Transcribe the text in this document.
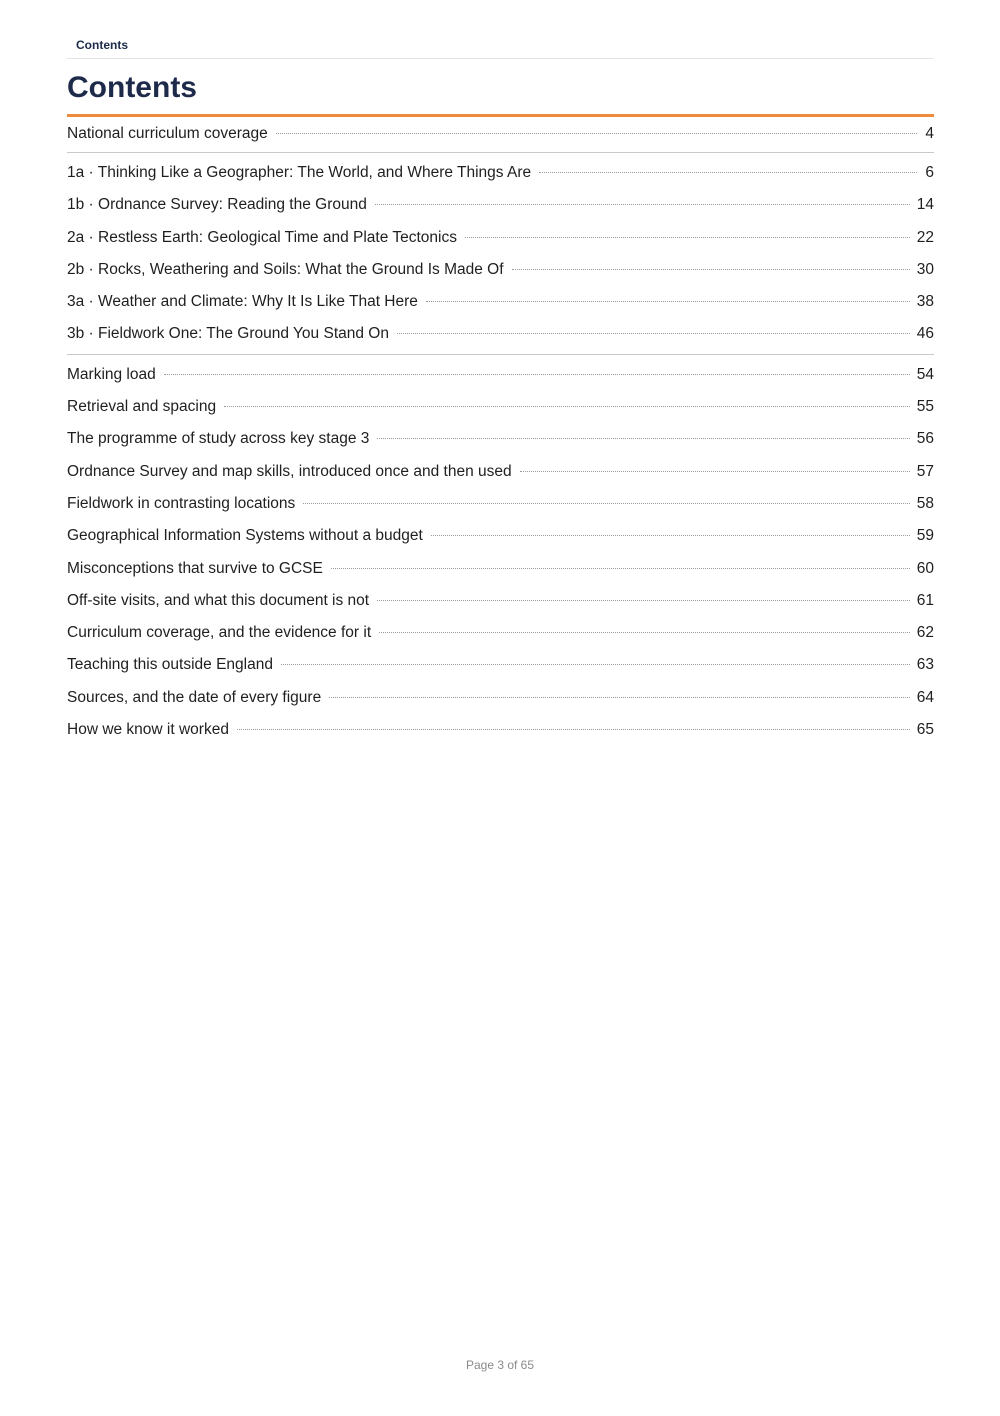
Contents
Contents
National curriculum coverage	4
1a · Thinking Like a Geographer: The World, and Where Things Are	6
1b · Ordnance Survey: Reading the Ground	14
2a · Restless Earth: Geological Time and Plate Tectonics	22
2b · Rocks, Weathering and Soils: What the Ground Is Made Of	30
3a · Weather and Climate: Why It Is Like That Here	38
3b · Fieldwork One: The Ground You Stand On	46
Marking load	54
Retrieval and spacing	55
The programme of study across key stage 3	56
Ordnance Survey and map skills, introduced once and then used	57
Fieldwork in contrasting locations	58
Geographical Information Systems without a budget	59
Misconceptions that survive to GCSE	60
Off-site visits, and what this document is not	61
Curriculum coverage, and the evidence for it	62
Teaching this outside England	63
Sources, and the date of every figure	64
How we know it worked	65
Page 3 of 65
